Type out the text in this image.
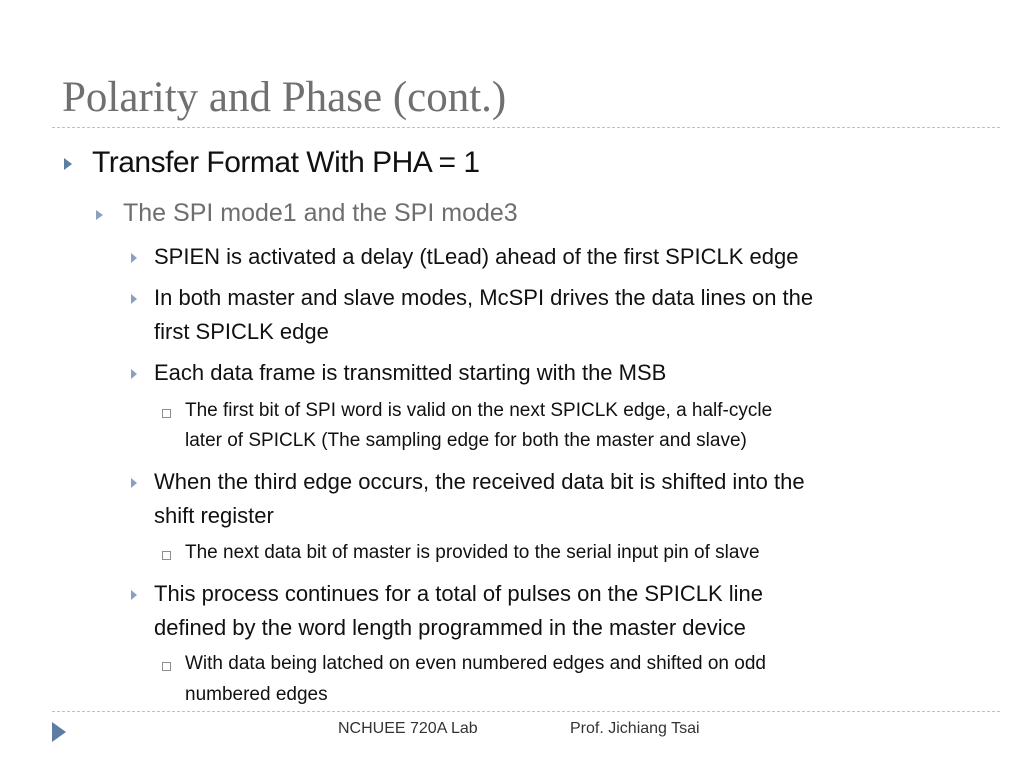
Polarity and Phase (cont.)
Transfer Format With PHA = 1
The SPI mode1 and the SPI mode3
SPIEN is activated a delay (tLead) ahead of the first SPICLK edge
In both master and slave modes, McSPI drives the data lines on the
first SPICLK edge
Each data frame is transmitted starting with the MSB
The first bit of SPI word is valid on the next SPICLK edge, a half-cycle
later of SPICLK (The sampling edge for both the master and slave)
When the third edge occurs, the received data bit is shifted into the
shift register
The next data bit of master is provided to the serial input pin of slave
This process continues for a total of pulses on the SPICLK line
defined by the word length programmed in the master device
With data being latched on even numbered edges and shifted on odd
numbered edges
NCHUEE 720A Lab	Prof. Jichiang Tsai
